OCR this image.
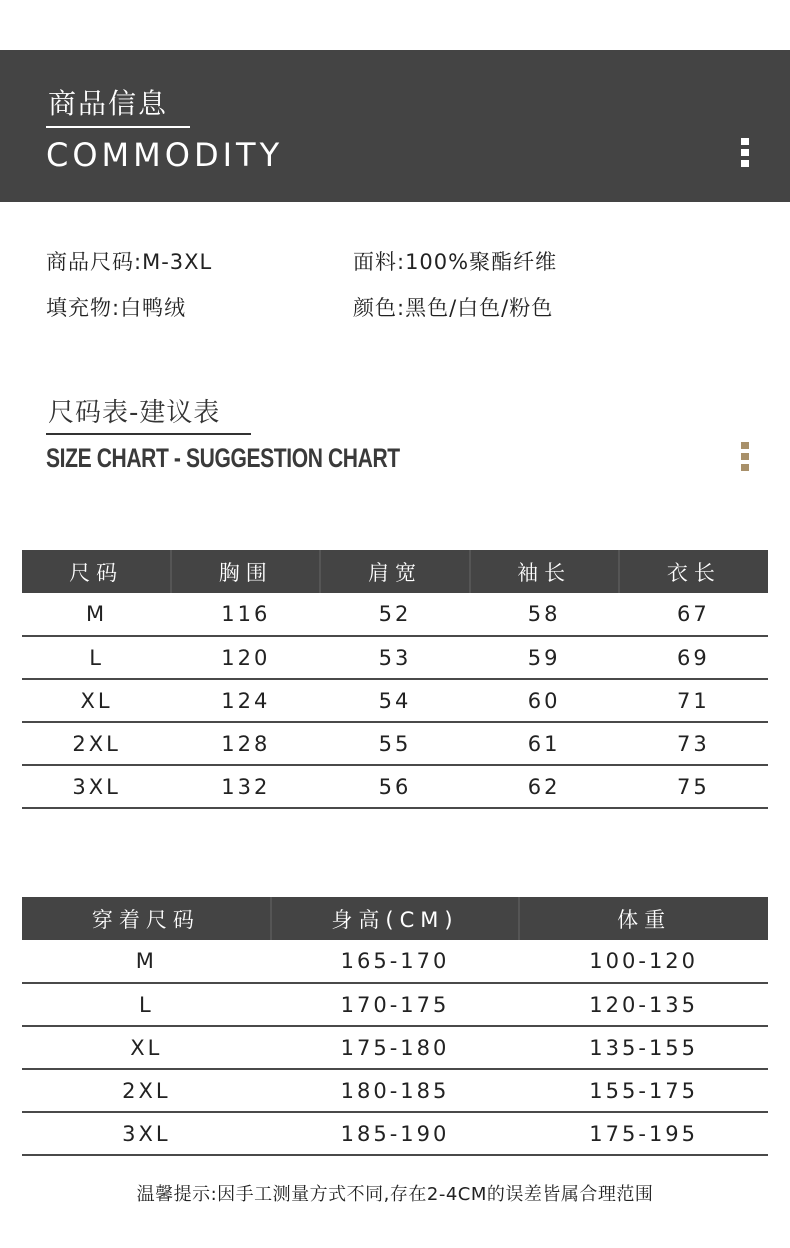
商品信息
COMMODITY
商品尺码:M-3XL	面料:100%聚酯纤维
填充物:白鸭绒	颜色:黑色/白色/粉色
尺码表-建议表
SIZE CHART - SUGGESTION CHART
尺码	胸围	肩宽	袖长	衣长
M	116	52	58	67
L	120	53	59	69
XL	124	54	60	71
2XL	128	55	61	73
3XL	132	56	62	75
穿着尺码	身高(CM)	体重
M	165-170	100-120
L	170-175	120-135
XL	175-180	135-155
2XL	180-185	155-175
3XL	185-190	175-195
温馨提示:因手工测量方式不同,存在2-4CM的误差皆属合理范围
